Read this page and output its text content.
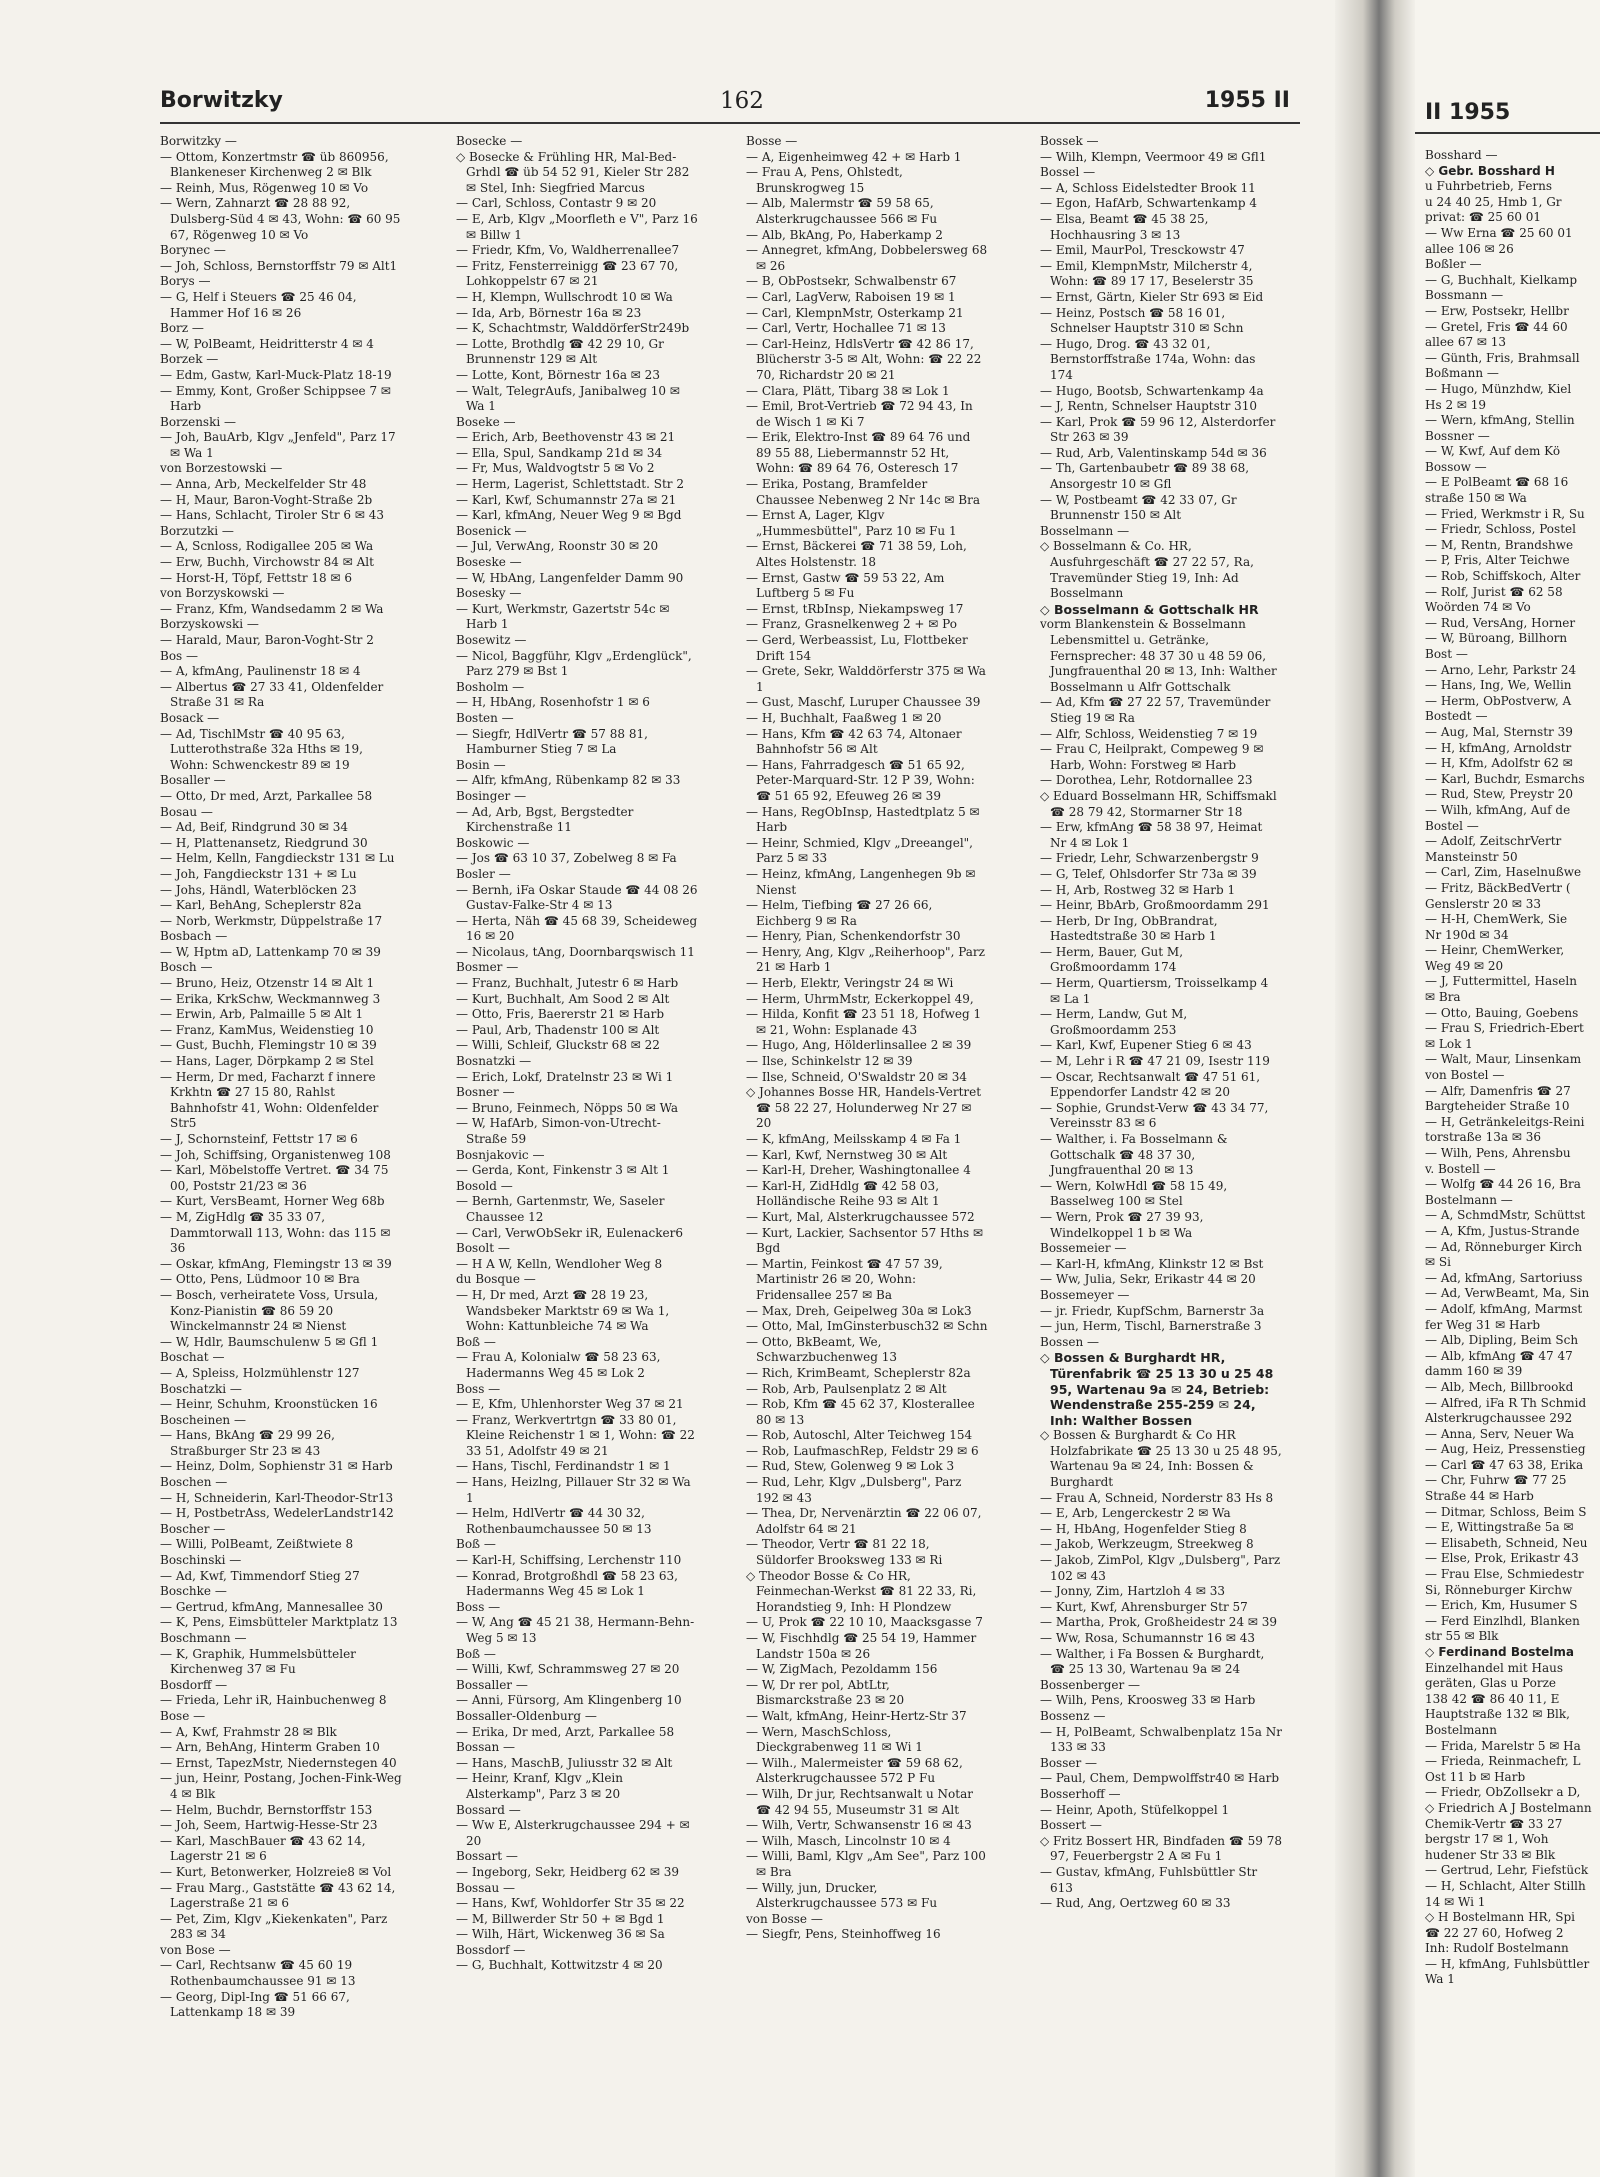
Borwitzky	162	1955 II

Borwitzky —

— Ottom, Konzertmstr ☎ üb 860956, Blankeneser Kirchenweg 2 ✉ Blk

— Reinh, Mus, Rögenweg 10 ✉ Vo

— Wern, Zahnarzt ☎ 28 88 92, Dulsberg-Süd 4 ✉ 43, Wohn: ☎ 60 95 67, Rögenweg 10 ✉ Vo

Borynec —

— Joh, Schloss, Bernstorffstr 79 ✉ Alt1

Borys —

— G, Helf i Steuers ☎ 25 46 04, Hammer Hof 16 ✉ 26

Borz —

— W, PolBeamt, Heidritterstr 4 ✉ 4

Borzek —

— Edm, Gastw, Karl-Muck-Platz 18-19

— Emmy, Kont, Großer Schippsee 7 ✉ Harb

Borzenski —

— Joh, BauArb, Klgv „Jenfeld", Parz 17 ✉ Wa 1

von Borzestowski —

— Anna, Arb, Meckelfelder Str 48

— H, Maur, Baron-Voght-Straße 2b

— Hans, Schlacht, Tiroler Str 6 ✉ 43

Borzutzki —

— A, Scnloss, Rodigallee 205 ✉ Wa

— Erw, Buchh, Virchowstr 84 ✉ Alt

— Horst-H, Töpf, Fettstr 18 ✉ 6

von Borzyskowski —

— Franz, Kfm, Wandsedamm 2 ✉ Wa

Borzyskowski —

— Harald, Maur, Baron-Voght-Str 2

Bos —

— A, kfmAng, Paulinenstr 18 ✉ 4

— Albertus ☎ 27 33 41, Oldenfelder Straße 31 ✉ Ra

Bosack —

— Ad, TischlMstr ☎ 40 95 63, Lutterothstraße 32a Hths ✉ 19, Wohn: Schwenckestr 89 ✉ 19

Bosaller —

— Otto, Dr med, Arzt, Parkallee 58

Bosau —

— Ad, Beif, Rindgrund 30 ✉ 34

— H, Plattenansetz, Riedgrund 30

— Helm, Kelln, Fangdieckstr 131 ✉ Lu

— Joh, Fangdieckstr 131 + ✉ Lu

— Johs, Händl, Waterblöcken 23

— Karl, BehAng, Scheplerstr 82a

— Norb, Werkmstr, Düppelstraße 17

Bosbach —

— W, Hptm aD, Lattenkamp 70 ✉ 39

Bosch —

— Bruno, Heiz, Otzenstr 14 ✉ Alt 1

— Erika, KrkSchw, Weckmannweg 3

— Erwin, Arb, Palmaille 5 ✉ Alt 1

— Franz, KamMus, Weidenstieg 10

— Gust, Buchh, Flemingstr 10 ✉ 39

— Hans, Lager, Dörpkamp 2 ✉ Stel

— Herm, Dr med, Facharzt f innere Krkhtn ☎ 27 15 80, Rahlst Bahnhofstr 41, Wohn: Oldenfelder Str5

— J, Schornsteinf, Fettstr 17 ✉ 6

— Joh, Schiffsing, Organistenweg 108

— Karl, Möbelstoffe Vertret. ☎ 34 75 00, Poststr 21/23 ✉ 36

— Kurt, VersBeamt, Horner Weg 68b

— M, ZigHdlg ☎ 35 33 07, Dammtorwall 113, Wohn: das 115 ✉ 36

— Oskar, kfmAng, Flemingstr 13 ✉ 39

— Otto, Pens, Lüdmoor 10 ✉ Bra

— Bosch, verheiratete Voss, Ursula, Konz-Pianistin ☎ 86 59 20 Winckelmannstr 24 ✉ Nienst

— W, Hdlr, Baumschulenw 5 ✉ Gfl 1

Boschat —

— A, Spleiss, Holzmühlenstr 127

Boschatzki —

— Heinr, Schuhm, Kroonstücken 16

Boscheinen —

— Hans, BkAng ☎ 29 99 26, Straßburger Str 23 ✉ 43

— Heinz, Dolm, Sophienstr 31 ✉ Harb

Boschen —

— H, Schneiderin, Karl-Theodor-Str13

— H, PostbetrAss, WedelerLandstr142

Boscher —

— Willi, PolBeamt, Zeißtwiete 8

Boschinski —

— Ad, Kwf, Timmendorf Stieg 27

Boschke —

— Gertrud, kfmAng, Mannesallee 30

— K, Pens, Eimsbütteler Marktplatz 13

Boschmann —

— K, Graphik, Hummelsbütteler Kirchenweg 37 ✉ Fu

Bosdorff —

— Frieda, Lehr iR, Hainbuchenweg 8

Bose —

— A, Kwf, Frahmstr 28 ✉ Blk

— Arn, BehAng, Hinterm Graben 10

— Ernst, TapezMstr, Niedernstegen 40

— jun, Heinr, Postang, Jochen-Fink-Weg 4 ✉ Blk

— Helm, Buchdr, Bernstorffstr 153

— Joh, Seem, Hartwig-Hesse-Str 23

— Karl, MaschBauer ☎ 43 62 14, Lagerstr 21 ✉ 6

— Kurt, Betonwerker, Holzreie8 ✉ Vol

— Frau Marg., Gaststätte ☎ 43 62 14, Lagerstraße 21 ✉ 6

— Pet, Zim, Klgv „Kiekenkaten", Parz 283 ✉ 34

von Bose —

— Carl, Rechtsanw ☎ 45 60 19 Rothenbaumchaussee 91 ✉ 13

— Georg, Dipl-Ing ☎ 51 66 67, Lattenkamp 18 ✉ 39

Bosecke —

◇ Bosecke & Frühling HR, Mal-Bed-Grhdl ☎ üb 54 52 91, Kieler Str 282 ✉ Stel, Inh: Siegfried Marcus

— Carl, Schloss, Contastr 9 ✉ 20

— E, Arb, Klgv „Moorfleth e V", Parz 16 ✉ Billw 1

— Friedr, Kfm, Vo, Waldherrenallee7

— Fritz, Fensterreinigg ☎ 23 67 70, Lohkoppelstr 67 ✉ 21

— H, Klempn, Wullschrodt 10 ✉ Wa

— Ida, Arb, Börnestr 16a ✉ 23

— K, Schachtmstr, WalddörferStr249b

— Lotte, Brothdlg ☎ 42 29 10, Gr Brunnenstr 129 ✉ Alt

— Lotte, Kont, Börnestr 16a ✉ 23

— Walt, TelegrAufs, Janibalweg 10 ✉ Wa 1

Boseke —

— Erich, Arb, Beethovenstr 43 ✉ 21

— Ella, Spul, Sandkamp 21d ✉ 34

— Fr, Mus, Waldvogtstr 5 ✉ Vo 2

— Herm, Lagerist, Schlettstadt. Str 2

— Karl, Kwf, Schumannstr 27a ✉ 21

— Karl, kfmAng, Neuer Weg 9 ✉ Bgd

Bosenick —

— Jul, VerwAng, Roonstr 30 ✉ 20

Boseske —

— W, HbAng, Langenfelder Damm 90

Bosesky —

— Kurt, Werkmstr, Gazertstr 54c ✉ Harb 1

Bosewitz —

— Nicol, Baggführ, Klgv „Erdenglück", Parz 279 ✉ Bst 1

Bosholm —

— H, HbAng, Rosenhofstr 1 ✉ 6

Bosten —

— Siegfr, HdlVertr ☎ 57 88 81, Hamburner Stieg 7 ✉ La

Bosin —

— Alfr, kfmAng, Rübenkamp 82 ✉ 33

Bosinger —

— Ad, Arb, Bgst, Bergstedter Kirchenstraße 11

Boskowic —

— Jos ☎ 63 10 37, Zobelweg 8 ✉ Fa

Bosler —

— Bernh, iFa Oskar Staude ☎ 44 08 26 Gustav-Falke-Str 4 ✉ 13

— Herta, Näh ☎ 45 68 39, Scheideweg 16 ✉ 20

— Nicolaus, tAng, Doornbarqswisch 11

Bosmer —

— Franz, Buchhalt, Jutestr 6 ✉ Harb

— Kurt, Buchhalt, Am Sood 2 ✉ Alt

— Otto, Fris, Baererstr 21 ✉ Harb

— Paul, Arb, Thadenstr 100 ✉ Alt

— Willi, Schleif, Gluckstr 68 ✉ 22

Bosnatzki —

— Erich, Lokf, Dratelnstr 23 ✉ Wi 1

Bosner —

— Bruno, Feinmech, Nöpps 50 ✉ Wa

— W, HafArb, Simon-von-Utrecht-Straße 59

Bosnjakovic —

— Gerda, Kont, Finkenstr 3 ✉ Alt 1

Bosold —

— Bernh, Gartenmstr, We, Saseler Chaussee 12

— Carl, VerwObSekr iR, Eulenacker6

Bosolt —

— H A W, Kelln, Wendloher Weg 8

du Bosque —

— H, Dr med, Arzt ☎ 28 19 23, Wandsbeker Marktstr 69 ✉ Wa 1, Wohn: Kattunbleiche 74 ✉ Wa

Boß —

— Frau A, Kolonialw ☎ 58 23 63, Hadermanns Weg 45 ✉ Lok 2

Boss —

— E, Kfm, Uhlenhorster Weg 37 ✉ 21

— Franz, Werkvertrtgn ☎ 33 80 01, Kleine Reichenstr 1 ✉ 1, Wohn: ☎ 22 33 51, Adolfstr 49 ✉ 21

— Hans, Tischl, Ferdinandstr 1 ✉ 1

— Hans, Heizlng, Pillauer Str 32 ✉ Wa 1

— Helm, HdlVertr ☎ 44 30 32, Rothenbaumchaussee 50 ✉ 13

Boß —

— Karl-H, Schiffsing, Lerchenstr 110

— Konrad, Brotgroßhdl ☎ 58 23 63, Hadermanns Weg 45 ✉ Lok 1

Boss —

— W, Ang ☎ 45 21 38, Hermann-Behn-Weg 5 ✉ 13

Boß —

— Willi, Kwf, Schrammsweg 27 ✉ 20

Bossaller —

— Anni, Fürsorg, Am Klingenberg 10

Bossaller-Oldenburg —

— Erika, Dr med, Arzt, Parkallee 58

Bossan —

— Hans, MaschB, Juliusstr 32 ✉ Alt

— Heinr, Kranf, Klgv „Klein Alsterkamp", Parz 3 ✉ 20

Bossard —

— Ww E, Alsterkrugchaussee 294 + ✉ 20

Bossart —

— Ingeborg, Sekr, Heidberg 62 ✉ 39

Bossau —

— Hans, Kwf, Wohldorfer Str 35 ✉ 22

— M, Billwerder Str 50 + ✉ Bgd 1

— Wilh, Härt, Wickenweg 36 ✉ Sa

Bossdorf —

— G, Buchhalt, Kottwitzstr 4 ✉ 20

Bosse —

— A, Eigenheimweg 42 + ✉ Harb 1

— Frau A, Pens, Ohlstedt, Brunskrogweg 15

— Alb, Malermstr ☎ 59 58 65, Alsterkrugchaussee 566 ✉ Fu

— Alb, BkAng, Po, Haberkamp 2

— Annegret, kfmAng, Dobbelersweg 68 ✉ 26

— B, ObPostsekr, Schwalbenstr 67

— Carl, LagVerw, Raboisen 19 ✉ 1

— Carl, KlempnMstr, Osterkamp 21

— Carl, Vertr, Hochallee 71 ✉ 13

— Carl-Heinz, HdlsVertr ☎ 42 86 17, Blücherstr 3-5 ✉ Alt, Wohn: ☎ 22 22 70, Richardstr 20 ✉ 21

— Clara, Plätt, Tibarg 38 ✉ Lok 1

— Emil, Brot-Vertrieb ☎ 72 94 43, In de Wisch 1 ✉ Ki 7

— Erik, Elektro-Inst ☎ 89 64 76 und 89 55 88, Liebermannstr 52 Ht, Wohn: ☎ 89 64 76, Osteresch 17

— Erika, Postang, Bramfelder Chaussee Nebenweg 2 Nr 14c ✉ Bra

— Ernst A, Lager, Klgv „Hummesbüttel", Parz 10 ✉ Fu 1

— Ernst, Bäckerei ☎ 71 38 59, Loh, Altes Holstenstr. 18

— Ernst, Gastw ☎ 59 53 22, Am Luftberg 5 ✉ Fu

— Ernst, tRbInsp, Niekampsweg 17

— Franz, Grasnelkenweg 2 + ✉ Po

— Gerd, Werbeassist, Lu, Flottbeker Drift 154

— Grete, Sekr, Walddörferstr 375 ✉ Wa 1

— Gust, Maschf, Luruper Chaussee 39

— H, Buchhalt, Faaßweg 1 ✉ 20

— Hans, Kfm ☎ 42 63 74, Altonaer Bahnhofstr 56 ✉ Alt

— Hans, Fahrradgesch ☎ 51 65 92, Peter-Marquard-Str. 12 P 39, Wohn: ☎ 51 65 92, Efeuweg 26 ✉ 39

— Hans, RegObInsp, Hastedtplatz 5 ✉ Harb

— Heinr, Schmied, Klgv „Dreeangel", Parz 5 ✉ 33

— Heinz, kfmAng, Langenhegen 9b ✉ Nienst

— Helm, Tiefbing ☎ 27 26 66, Eichberg 9 ✉ Ra

— Henry, Pian, Schenkendorfstr 30

— Henry, Ang, Klgv „Reiherhoop", Parz 21 ✉ Harb 1

— Herb, Elektr, Veringstr 24 ✉ Wi

— Herm, UhrmMstr, Eckerkoppel 49,

— Hilda, Konfit ☎ 23 51 18, Hofweg 1 ✉ 21, Wohn: Esplanade 43

— Hugo, Ang, Hölderlinsallee 2 ✉ 39

— Ilse, Schinkelstr 12 ✉ 39

— Ilse, Schneid, O'Swaldstr 20 ✉ 34

◇ Johannes Bosse HR, Handels-Vertret ☎ 58 22 27, Holunderweg Nr 27 ✉ 20

— K, kfmAng, Meilsskamp 4 ✉ Fa 1

— Karl, Kwf, Nernstweg 30 ✉ Alt

— Karl-H, Dreher, Washingtonallee 4

— Karl-H, ZidHdlg ☎ 42 58 03, Holländische Reihe 93 ✉ Alt 1

— Kurt, Mal, Alsterkrugchaussee 572

— Kurt, Lackier, Sachsentor 57 Hths ✉ Bgd

— Martin, Feinkost ☎ 47 57 39, Martinistr 26 ✉ 20, Wohn: Fridensallee 257 ✉ Ba

— Max, Dreh, Geipelweg 30a ✉ Lok3

— Otto, Mal, ImGinsterbusch32 ✉ Schn

— Otto, BkBeamt, We, Schwarzbuchenweg 13

— Rich, KrimBeamt, Scheplerstr 82a

— Rob, Arb, Paulsenplatz 2 ✉ Alt

— Rob, Kfm ☎ 45 62 37, Klosterallee 80 ✉ 13

— Rob, Autoschl, Alter Teichweg 154

— Rob, LaufmaschRep, Feldstr 29 ✉ 6

— Rud, Stew, Golenweg 9 ✉ Lok 3

— Rud, Lehr, Klgv „Dulsberg", Parz 192 ✉ 43

— Thea, Dr, Nervenärztin ☎ 22 06 07, Adolfstr 64 ✉ 21

— Theodor, Vertr ☎ 81 22 18, Süldorfer Brooksweg 133 ✉ Ri

◇ Theodor Bosse & Co HR, Feinmechan-Werkst ☎ 81 22 33, Ri, Horandstieg 9, Inh: H Plondzew

— U, Prok ☎ 22 10 10, Maacksgasse 7

— W, Fischhdlg ☎ 25 54 19, Hammer Landstr 150a ✉ 26

— W, ZigMach, Pezoldamm 156

— W, Dr rer pol, AbtLtr, Bismarckstraße 23 ✉ 20

— Walt, kfmAng, Heinr-Hertz-Str 37

— Wern, MaschSchloss, Dieckgrabenweg 11 ✉ Wi 1

— Wilh., Malermeister ☎ 59 68 62, Alsterkrugchaussee 572 P Fu

— Wilh, Dr jur, Rechtsanwalt u Notar ☎ 42 94 55, Museumstr 31 ✉ Alt

— Wilh, Vertr, Schwansenstr 16 ✉ 43

— Wilh, Masch, Lincolnstr 10 ✉ 4

— Willi, Baml, Klgv „Am See", Parz 100 ✉ Bra

— Willy, jun, Drucker, Alsterkrugchaussee 573 ✉ Fu

von Bosse —

— Siegfr, Pens, Steinhoffweg 16

Bossek —

— Wilh, Klempn, Veermoor 49 ✉ Gfl1

Bossel —

— A, Schloss Eidelstedter Brook 11

— Egon, HafArb, Schwartenkamp 4

— Elsa, Beamt ☎ 45 38 25, Hochhausring 3 ✉ 13

— Emil, MaurPol, Tresckowstr 47

— Emil, KlempnMstr, Milcherstr 4, Wohn: ☎ 89 17 17, Beselerstr 35

— Ernst, Gärtn, Kieler Str 693 ✉ Eid

— Heinz, Postsch ☎ 58 16 01, Schnelser Hauptstr 310 ✉ Schn

— Hugo, Drog. ☎ 43 32 01, Bernstorffstraße 174a, Wohn: das 174

— Hugo, Bootsb, Schwartenkamp 4a

— J, Rentn, Schnelser Hauptstr 310

— Karl, Prok ☎ 59 96 12, Alsterdorfer Str 263 ✉ 39

— Rud, Arb, Valentinskamp 54d ✉ 36

— Th, Gartenbaubetr ☎ 89 38 68, Ansorgestr 10 ✉ Gfl

— W, Postbeamt ☎ 42 33 07, Gr Brunnenstr 150 ✉ Alt

Bosselmann —

◇ Bosselmann & Co. HR, Ausfuhrgeschäft ☎ 27 22 57, Ra, Travemünder Stieg 19, Inh: Ad Bosselmann

◇ Bosselmann & Gottschalk HR

vorm Blankenstein & Bosselmann Lebensmittel u. Getränke, Fernsprecher: 48 37 30 u 48 59 06, Jungfrauenthal 20 ✉ 13, Inh: Walther Bosselmann u Alfr Gottschalk

— Ad, Kfm ☎ 27 22 57, Travemünder Stieg 19 ✉ Ra

— Alfr, Schloss, Weidenstieg 7 ✉ 19

— Frau C, Heilprakt, Compeweg 9 ✉ Harb, Wohn: Forstweg ✉ Harb

— Dorothea, Lehr, Rotdornallee 23

◇ Eduard Bosselmann HR, Schiffsmakl ☎ 28 79 42, Stormarner Str 18

— Erw, kfmAng ☎ 58 38 97, Heimat Nr 4 ✉ Lok 1

— Friedr, Lehr, Schwarzenbergstr 9

— G, Telef, Ohlsdorfer Str 73a ✉ 39

— H, Arb, Rostweg 32 ✉ Harb 1

— Heinr, BbArb, Großmoordamm 291

— Herb, Dr Ing, ObBrandrat, Hastedtstraße 30 ✉ Harb 1

— Herm, Bauer, Gut M, Großmoordamm 174

— Herm, Quartiersm, Troisselkamp 4 ✉ La 1

— Herm, Landw, Gut M, Großmoordamm 253

— Karl, Kwf, Eupener Stieg 6 ✉ 43

— M, Lehr i R ☎ 47 21 09, Isestr 119

— Oscar, Rechtsanwalt ☎ 47 51 61, Eppendorfer Landstr 42 ✉ 20

— Sophie, Grundst-Verw ☎ 43 34 77, Vereinsstr 83 ✉ 6

— Walther, i. Fa Bosselmann & Gottschalk ☎ 48 37 30, Jungfrauenthal 20 ✉ 13

— Wern, KolwHdl ☎ 58 15 49, Basselweg 100 ✉ Stel

— Wern, Prok ☎ 27 39 93, Windelkoppel 1 b ✉ Wa

Bossemeier —

— Karl-H, kfmAng, Klinkstr 12 ✉ Bst

— Ww, Julia, Sekr, Erikastr 44 ✉ 20

Bossemeyer —

— jr. Friedr, KupfSchm, Barnerstr 3a

— jun, Herm, Tischl, Barnerstraße 3

Bossen —

◇ Bossen & Burghardt HR, Türenfabrik ☎ 25 13 30 u 25 48 95, Wartenau 9a ✉ 24, Betrieb: Wendenstraße 255-259 ✉ 24, Inh: Walther Bossen

◇ Bossen & Burghardt & Co HR Holzfabrikate ☎ 25 13 30 u 25 48 95, Wartenau 9a ✉ 24, Inh: Bossen & Burghardt

— Frau A, Schneid, Norderstr 83 Hs 8

— E, Arb, Lengerckestr 2 ✉ Wa

— H, HbAng, Hogenfelder Stieg 8

— Jakob, Werkzeugm, Streekweg 8

— Jakob, ZimPol, Klgv „Dulsberg", Parz 102 ✉ 43

— Jonny, Zim, Hartzloh 4 ✉ 33

— Kurt, Kwf, Ahrensburger Str 57

— Martha, Prok, Großheidestr 24 ✉ 39

— Ww, Rosa, Schumannstr 16 ✉ 43

— Walther, i Fa Bossen & Burghardt, ☎ 25 13 30, Wartenau 9a ✉ 24

Bossenberger —

— Wilh, Pens, Kroosweg 33 ✉ Harb

Bossenz —

— H, PolBeamt, Schwalbenplatz 15a Nr 133 ✉ 33

Bosser —

— Paul, Chem, Dempwolffstr40 ✉ Harb

Bosserhoff —

— Heinr, Apoth, Stüfelkoppel 1

Bossert —

◇ Fritz Bossert HR, Bindfaden ☎ 59 78 97, Feuerbergstr 2 A ✉ Fu 1

— Gustav, kfmAng, Fuhlsbüttler Str 613

— Rud, Ang, Oertzweg 60 ✉ 33

II 1955

Bosshard —

◇ Gebr. Bosshard H

u Fuhrbetrieb, Ferns

u 24 40 25, Hmb 1, Gr

privat: ☎ 25 60 01

— Ww Erna ☎ 25 60 01

allee 106 ✉ 26

Boßler —

— G, Buchhalt, Kielkamp

Bossmann —

— Erw, Postsekr, Hellbr

— Gretel, Fris ☎ 44 60

allee 67 ✉ 13

— Günth, Fris, Brahmsall

Boßmann —

— Hugo, Münzhdw, Kiel

Hs 2 ✉ 19

— Wern, kfmAng, Stellin

Bossner —

— W, Kwf, Auf dem Kö

Bossow —

— E PolBeamt ☎ 68 16

straße 150 ✉ Wa

— Fried, Werkmstr i R, Su

— Friedr, Schloss, Postel

— M, Rentn, Brandshwe

— P, Fris, Alter Teichwe

— Rob, Schiffskoch, Alter

— Rolf, Jurist ☎ 62 58

Woörden 74 ✉ Vo

— Rud, VersAng, Horner

— W, Büroang, Billhorn

Bost —

— Arno, Lehr, Parkstr 24

— Hans, Ing, We, Wellin

— Herm, ObPostverw, A

Bostedt —

— Aug, Mal, Sternstr 39

— H, kfmAng, Arnoldstr

— H, Kfm, Adolfstr 62 ✉

— Karl, Buchdr, Esmarchs

— Rud, Stew, Preystr 20

— Wilh, kfmAng, Auf de

Bostel —

— Adolf, ZeitschrVertr

Mansteinstr 50

— Carl, Zim, Haselnußwe

— Fritz, BäckBedVertr (

Genslerstr 20 ✉ 33

— H-H, ChemWerk, Sie

Nr 190d ✉ 34

— Heinr, ChemWerker,

Weg 49 ✉ 20

— J, Futtermittel, Haseln

✉ Bra

— Otto, Bauing, Goebens

— Frau S, Friedrich-Ebert

✉ Lok 1

— Walt, Maur, Linsenkam

von Bostel —

— Alfr, Damenfris ☎ 27

Bargteheider Straße 10

— H, Getränkeleitgs-Reini

torstraße 13a ✉ 36

— Wilh, Pens, Ahrensbu

v. Bostell —

— Wolfg ☎ 44 26 16, Bra

Bostelmann —

— A, SchmdMstr, Schüttst

— A, Kfm, Justus-Strande

— Ad, Rönneburger Kirch

✉ Si

— Ad, kfmAng, Sartoriuss

— Ad, VerwBeamt, Ma, Sin

— Adolf, kfmAng, Marmst

fer Weg 31 ✉ Harb

— Alb, Dipling, Beim Sch

— Alb, kfmAng ☎ 47 47

damm 160 ✉ 39

— Alb, Mech, Billbrookd

— Alfred, iFa R Th Schmid

Alsterkrugchaussee 292

— Anna, Serv, Neuer Wa

— Aug, Heiz, Pressenstieg

— Carl ☎ 47 63 38, Erika

— Chr, Fuhrw ☎ 77 25

Straße 44 ✉ Harb

— Ditmar, Schloss, Beim S

— E, Wittingstraße 5a ✉

— Elisabeth, Schneid, Neu

— Else, Prok, Erikastr 43

— Frau Else, Schmiedestr

Si, Rönneburger Kirchw

— Erich, Km, Husumer S

— Ferd Einzlhdl, Blanken

str 55 ✉ Blk

◇ Ferdinand Bostelma

Einzelhandel mit Haus

geräten, Glas u Porze

138 42 ☎ 86 40 11, E

Hauptstraße 132 ✉ Blk,

Bostelmann

— Frida, Marelstr 5 ✉ Ha

— Frieda, Reinmachefr, L

Ost 11 b ✉ Harb

— Friedr, ObZollsekr a D,

◇ Friedrich A J Bostelmann

Chemik-Vertr ☎ 33 27

bergstr 17 ✉ 1, Woh

hudener Str 33 ✉ Blk

— Gertrud, Lehr, Fiefstück

— H, Schlacht, Alter Stillh

14 ✉ Wi 1

◇ H Bostelmann HR, Spi

☎ 22 27 60, Hofweg 2

Inh: Rudolf Bostelmann

— H, kfmAng, Fuhlsbüttler

Wa 1
